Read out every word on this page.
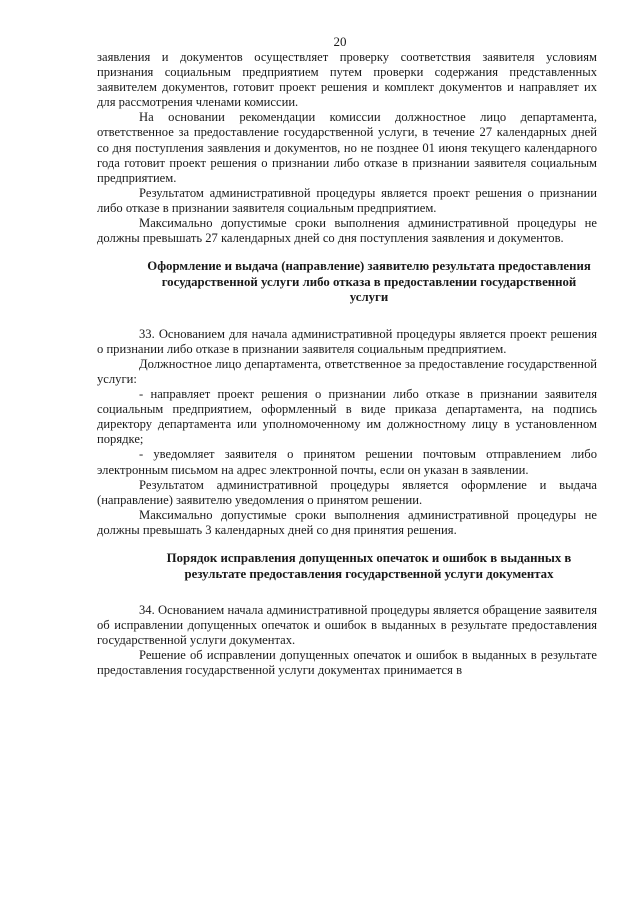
20

заявления и документов осуществляет проверку соответствия заявителя условиям признания социальным предприятием путем проверки содержания представленных заявителем документов, готовит проект решения и комплект документов и направляет их для рассмотрения членами комиссии.

На основании рекомендации комиссии должностное лицо департамента, ответственное за предоставление государственной услуги, в течение 27 календарных дней со дня поступления заявления и документов, но не позднее 01 июня текущего календарного года готовит проект решения о признании либо отказе в признании заявителя социальным предприятием.

Результатом административной процедуры является проект решения о признании либо отказе в признании заявителя социальным предприятием.

Максимально допустимые сроки выполнения административной процедуры не должны превышать 27 календарных дней со дня поступления заявления и документов.

Оформление и выдача (направление) заявителю результата предоставления государственной услуги либо отказа в предоставлении государственной услуги

33. Основанием для начала административной процедуры является проект решения о признании либо отказе в признании заявителя социальным предприятием.

Должностное лицо департамента, ответственное за предоставление государственной услуги:

- направляет проект решения о признании либо отказе в признании заявителя социальным предприятием, оформленный в виде приказа департамента, на подпись директору департамента или уполномоченному им должностному лицу в установленном порядке;

- уведомляет заявителя о принятом решении почтовым отправлением либо электронным письмом на адрес электронной почты, если он указан в заявлении.

Результатом административной процедуры является оформление и выдача (направление) заявителю уведомления о принятом решении.

Максимально допустимые сроки выполнения административной процедуры не должны превышать 3 календарных дней со дня принятия решения.

Порядок исправления допущенных опечаток и ошибок в выданных в результате предоставления государственной услуги документах

34. Основанием начала административной процедуры является обращение заявителя об исправлении допущенных опечаток и ошибок в выданных в результате предоставления государственной услуги документах.

Решение об исправлении допущенных опечаток и ошибок в выданных в результате предоставления государственной услуги документах принимается в
